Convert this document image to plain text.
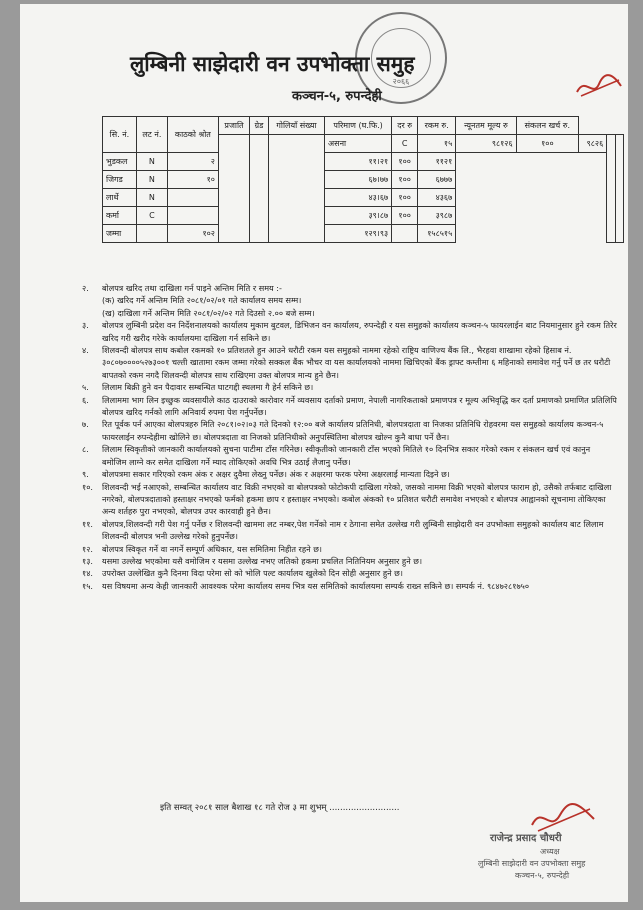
२०६६
लुम्बिनी साझेदारी वन उपभोक्ता समुह
कञ्चन-५, रुपन्देही
सि. नं.	लट नं.	काठको श्रोत	प्रजाति	ग्रेड	गोलियाँ संख्या	परिमाण (घ.फि.)	दर रु	रकम रु.	न्यूनतम मूल्य रु	संकलन खर्च रु.			
						असना	C	१५	९८१२६	१००	९८२६		
भुडकल	N	२				११।२१	१००	११२१					
जिगड	N	१०				६७।७७	१००	६७७७					
लार्थे	N					४३।६७	१००	४३६७					
कर्मा	C					३९।८७	१००	३९८७					
जम्मा		१०२				१२९।९३		१५८५१५					
२.	बोलपत्र खरिद तथा दाखिला गर्न पाइने अन्तिम मिति र समय :-
(क) खरिद गर्ने अन्तिम मिति २०८१/०२/०१ गते कार्यालय समय सम्म।
(ख) दाखिला गर्ने अन्तिम मिति २०८१/०२/०२ गते दिउसो २.०० बजे सम्म।
३.	बोलपत्र लुम्बिनी प्रदेश वन निर्देशनालयको कार्यालय मुकाम बुटवल, डिभिजन वन कार्यालय, रुपन्देही र यस समुहको कार्यालय कञ्चन-५ फायरलाईन बाट नियमानुसार हुने रकम तिरेर खरिद गरी खरीद गरेके कार्यालयमा दाखिला गर्न सकिने छ।
४.	शिलवन्दी बोलपत्र साथ कबोल रकमको १० प्रतिशतले हुन आउने धरौटी रकम यस समुहको नाममा रहेको राष्ट्रिय वाणिज्य बैंक लि., भैरहवा शाखामा रहेको हिसाब नं. ३०८०७००००५२७३००१ चल्ती खातामा रकम जम्मा गरेको सक्कल बैंक भौचर वा यस कार्यालयको नाममा खिचिएको बैंक ड्राफ्ट कम्तीमा ६ महिनाको समावेश गर्नु पर्ने छ तर धरौटी बापतको रकम नगदै शिलवन्दी बोलपत्र साथ राखिएमा उक्त बोलपत्र मान्य हुने छैन।
५.	लिलाम बिक्री हुने वन पैदावार सम्बन्धित घाटगद्दी स्थलमा गै हेर्न सकिने छ।
६.	लिलाममा भाग लिन इच्छुक व्यवसायीले काठ दाउराको कारोवार गर्ने व्यवसाय दर्ताको प्रमाण, नेपाली नागरिकताको प्रमाणपत्र र मूल्य अभिवृद्धि कर दर्ता प्रमाणको प्रमाणित प्रतिलिपि बोलपत्र खरिद गर्नको लागि अनिवार्य रुपमा पेश गर्नुपर्नेछ।
७.	रित पूर्वक पर्न आएका बोलपत्रहरु मिति २०८१।०२।०३ गते दिनको १२:०० बजे कार्यालय प्रतिनिधी, बोलपत्रदाता वा निजका प्रतिनिधि रोहवरमा यस समुहको कार्यालय कञ्चन-५ फायरलाईन रुपन्देहीमा खोलिने छ। बोलपत्रदाता वा निजको प्रतिनिधीको अनुपस्थितिमा बोलपत्र खोल्न कुनै बाधा पर्ने छैन।
८.	लिलाम स्विकृतीको जानकारी कार्यालयको सुचना पाटीमा टाँस गरिनेछ। स्वीकृतीको जानकारी टाँस भएको मितिले १० दिनभित्र सकार गरेको रकम र संकलन खर्च एवं कानुन बमोजिम लाग्ने कर समेत दाखिला गर्ने म्याद तोकिएको अवधि भित्र उठाई लैजानु पर्नेछ।
९.	बोलपत्रमा सकार गरिएको रकम अंक र अक्षर दुवैमा लेख्नु पर्नेछ। अंक र अक्षरमा फरक परेमा अक्षरलाई मान्यता दिइने छ।
१०.	शिलवन्दी भई नआएको, सम्बन्धित कार्यालय वाट विक्री नभएको वा बोलपत्रको फोटोकपी दाखिला गरेको, जसको नाममा विक्री भएको बोलपत्र फाराम हो, उसैको तर्फबाट दाखिला नगरेको, बोलपत्रदाताको हस्ताक्षर नभएको फर्मको हकमा छाप र हस्ताक्षर नभएको। कबोल अंकको १० प्रतिशत धरौटी समावेश नभएको र बोलपत्र आह्वानको सूचनामा तोकिएका अन्य शर्तहरु पुरा नभएको, बोलपत्र उपर कारवाही हुने छैन।
११.	बोलपत्र,शिलवन्दी गरी पेश गर्नु पर्नेछ र शिलवन्दी खाममा लट नम्बर,पेश गर्नेको नाम र ठेगाना समेत उल्लेख गरी लुम्बिनी साझेदारी वन उपभोक्ता समुहको कार्यालय बाट लिलाम शिलवन्दी बोलपत्र भनी उल्लेख गरेको हुनुपर्नेछ।
१२.	बोलपत्र स्विकृत गर्ने वा नगर्ने सम्पूर्ण अधिकार, यस समितिमा निहीत रहने छ।
१३.	यसमा उल्लेख भएकोमा यसै वमोजिम र यसमा उल्लेख नभए जतिको हकमा प्रचलित नितिनियम अनुसार हुने छ।
१४.	उपरोक्त उल्लेखित कुनै दिनमा विदा परेमा सो को भोलि पल्ट कार्यालय खुलेको दिन सोही अनुसार हुने छ।
१५.	यस विषयमा अन्य केही जानकारी आवश्यक परेमा कार्यालय समय भित्र यस समितिको कार्यालयमा सम्पर्क राख्न सकिने छ। सम्पर्क नं. ९८४७२८१७५०
इति सम्वत् २०८१ साल बैशाख १८ गते रोज ३ मा शुभम् ..........................
राजेन्द्र प्रसाद चौधरी
अध्यक्ष
लुम्बिनी साझेदारी वन उपभोक्ता समुह
कञ्चन-५, रुपन्देही
